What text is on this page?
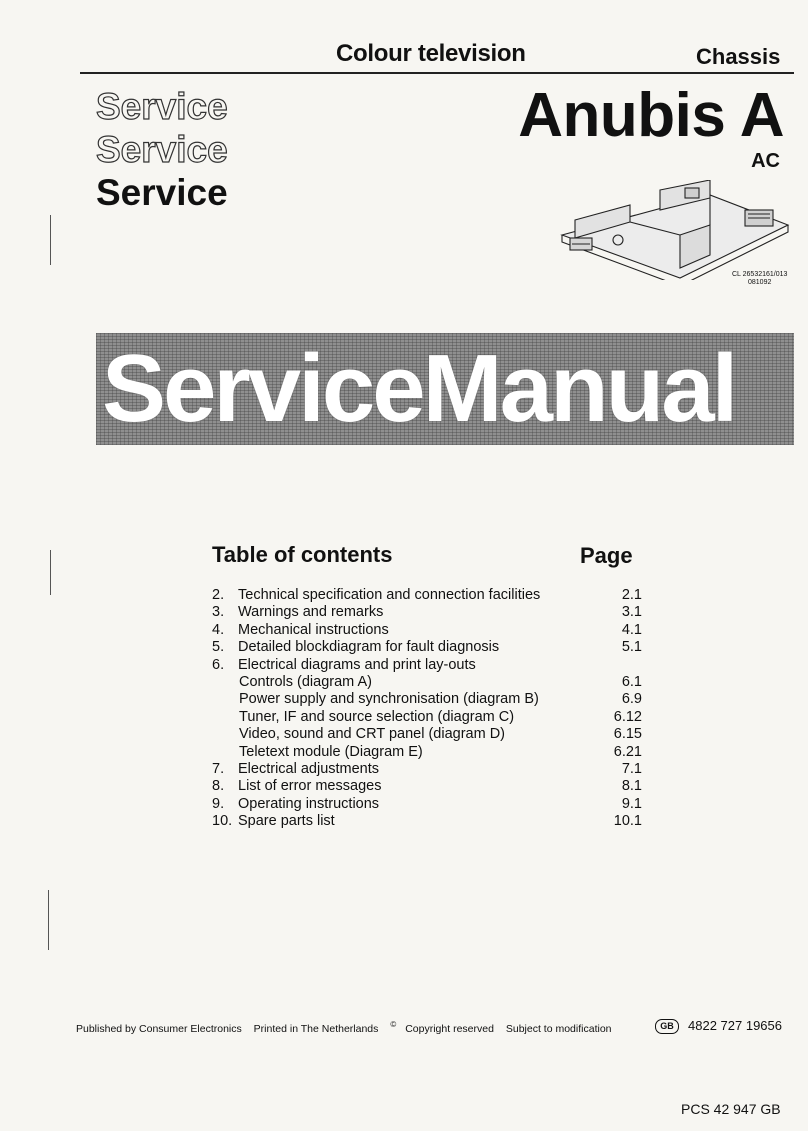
Colour television	Chassis
Service
Service
Service
Anubis A
AC
CL 26532161/013
081092
ServiceManual
Table of contents	Page
2. Technical specification and connection facilities	2.1
3. Warnings and remarks	3.1
4. Mechanical instructions	4.1
5. Detailed blockdiagram for fault diagnosis	5.1
6. Electrical diagrams and print lay-outs
Controls (diagram A)	6.1
Power supply and synchronisation (diagram B)	6.9
Tuner, IF and source selection (diagram C)	6.12
Video, sound and CRT panel (diagram D)	6.15
Teletext module (Diagram E)	6.21
7. Electrical adjustments	7.1
8. List of error messages	8.1
9. Operating instructions	9.1
10. Spare parts list	10.1
Published by Consumer Electronics Printed in The Netherlands © Copyright reserved Subject to modification	GB	4822 727 19656
PCS 42 947 GB
